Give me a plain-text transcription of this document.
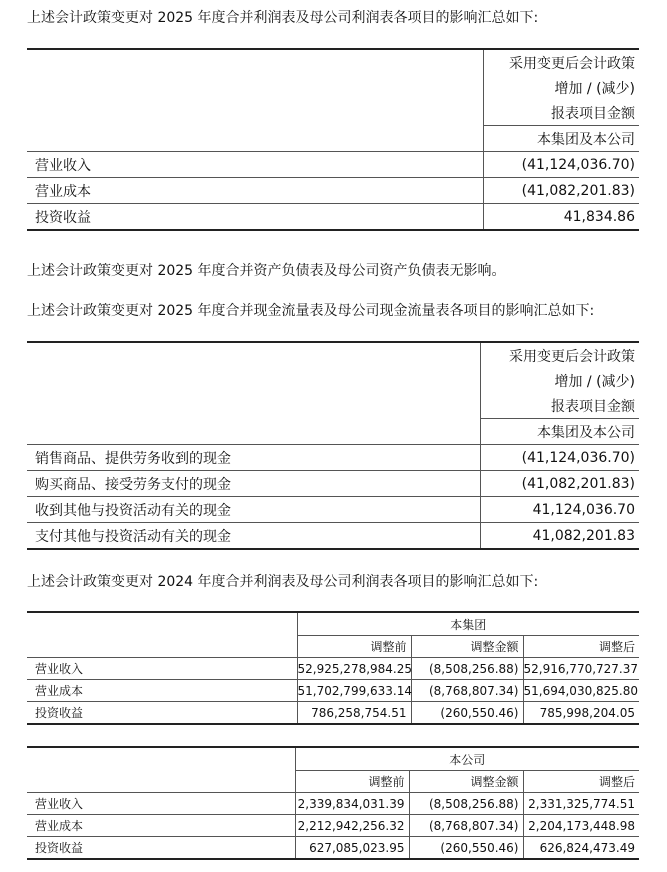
上述会计政策变更对 2025 年度合并利润表及母公司利润表各项目的影响汇总如下:
	采用变更后会计政策
	增加 / (减少)
	报表项目金额
	本集团及本公司
营业收入	(41,124,036.70)
营业成本	(41,082,201.83)
投资收益	41,834.86
上述会计政策变更对 2025 年度合并资产负债表及母公司资产负债表无影响。
上述会计政策变更对 2025 年度合并现金流量表及母公司现金流量表各项目的影响汇总如下:
	采用变更后会计政策
	增加 / (减少)
	报表项目金额
	本集团及本公司
销售商品、提供劳务收到的现金	(41,124,036.70)
购买商品、接受劳务支付的现金	(41,082,201.83)
收到其他与投资活动有关的现金	41,124,036.70
支付其他与投资活动有关的现金	41,082,201.83
上述会计政策变更对 2024 年度合并利润表及母公司利润表各项目的影响汇总如下:
	本集团		
	调整前	调整金额	调整后
营业收入	52,925,278,984.25	(8,508,256.88)	52,916,770,727.37
营业成本	51,702,799,633.14	(8,768,807.34)	51,694,030,825.80
投资收益	786,258,754.51	(260,550.46)	785,998,204.05
	本公司		
	调整前	调整金额	调整后
营业收入	2,339,834,031.39	(8,508,256.88)	2,331,325,774.51
营业成本	2,212,942,256.32	(8,768,807.34)	2,204,173,448.98
投资收益	627,085,023.95	(260,550.46)	626,824,473.49
